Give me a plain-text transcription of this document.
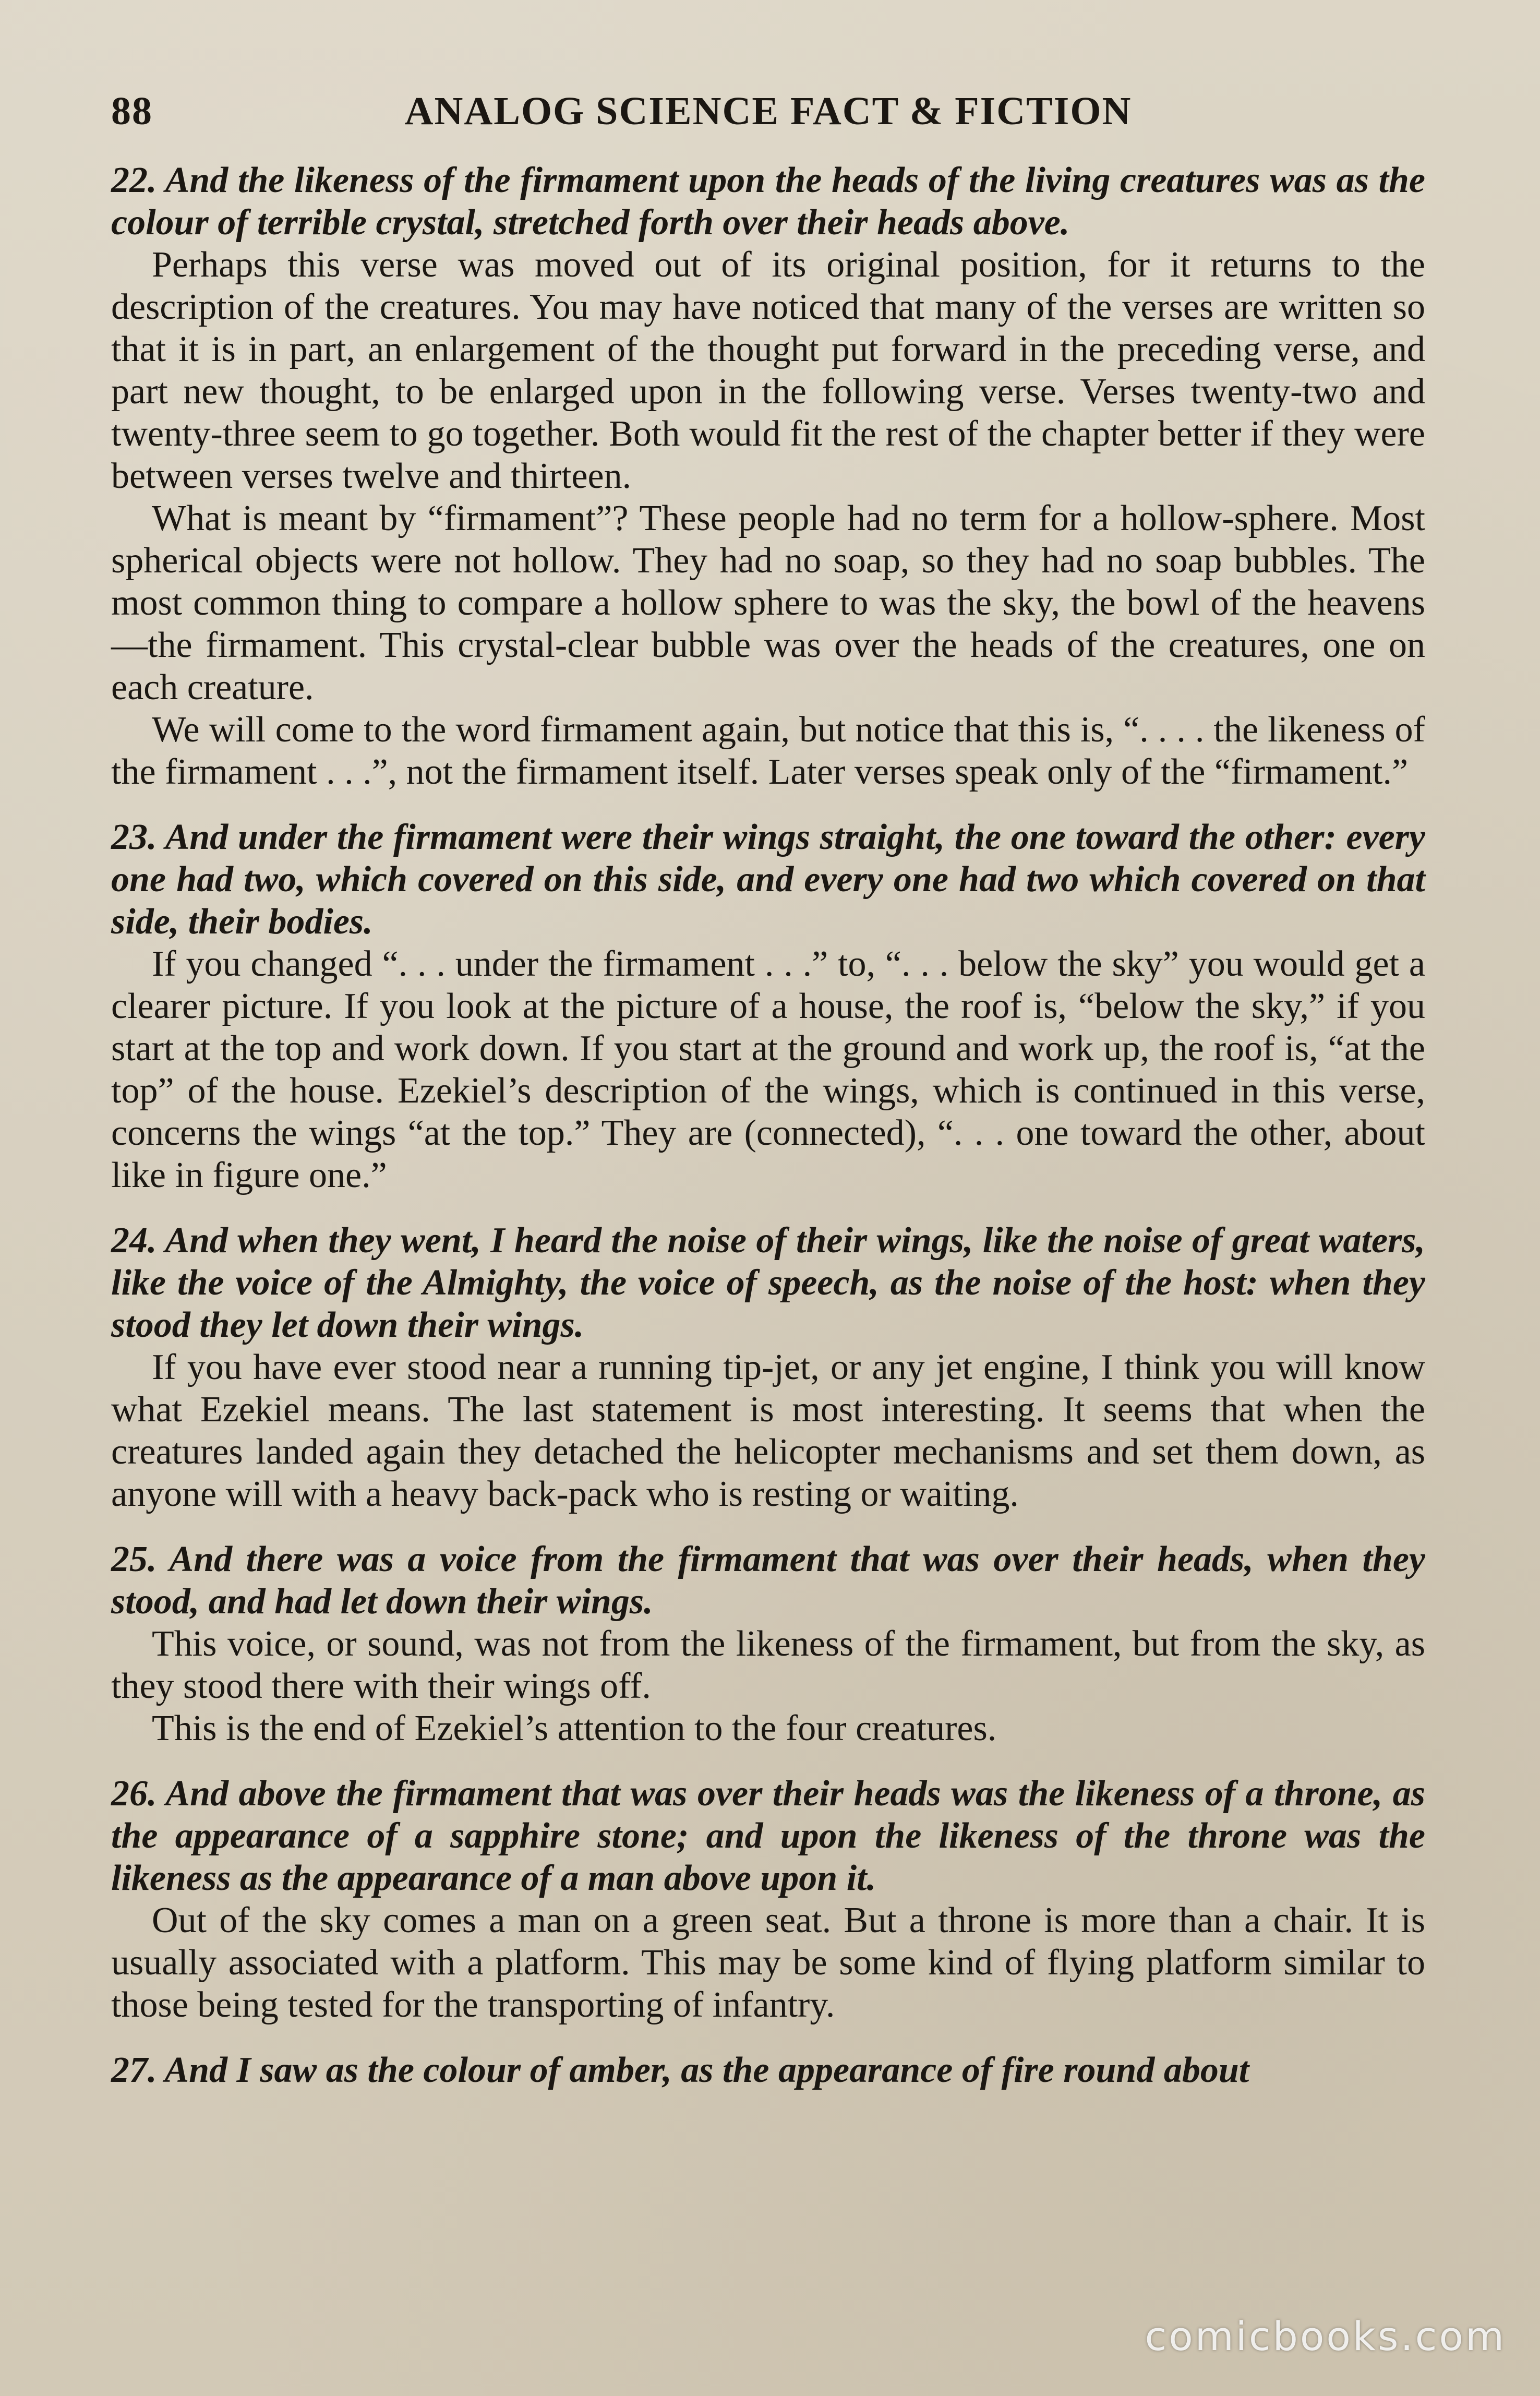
88	ANALOG SCIENCE FACT & FICTION

22. And the likeness of the firmament upon the heads of the living creatures was as the colour of terrible crystal, stretched forth over their heads above.

Perhaps this verse was moved out of its original position, for it returns to the description of the creatures. You may have noticed that many of the verses are written so that it is in part, an enlargement of the thought put forward in the preceding verse, and part new thought, to be enlarged upon in the following verse. Verses twenty-two and twenty-three seem to go together. Both would fit the rest of the chapter better if they were between verses twelve and thirteen.

What is meant by “firmament”? These people had no term for a hollow-sphere. Most spherical objects were not hollow. They had no soap, so they had no soap bubbles. The most common thing to compare a hollow sphere to was the sky, the bowl of the heavens—the firmament. This crystal-clear bubble was over the heads of the creatures, one on each creature.

We will come to the word firmament again, but notice that this is, “. . . . the likeness of the firmament . . .”, not the firmament itself. Later verses speak only of the “firmament.”

23. And under the firmament were their wings straight, the one toward the other: every one had two, which covered on this side, and every one had two which covered on that side, their bodies.

If you changed “. . . under the firmament . . .” to, “. . . below the sky” you would get a clearer picture. If you look at the picture of a house, the roof is, “below the sky,” if you start at the top and work down. If you start at the ground and work up, the roof is, “at the top” of the house. Ezekiel’s description of the wings, which is continued in this verse, concerns the wings “at the top.” They are (connected), “. . . one toward the other, about like in figure one.”

24. And when they went, I heard the noise of their wings, like the noise of great waters, like the voice of the Almighty, the voice of speech, as the noise of the host: when they stood they let down their wings.

If you have ever stood near a running tip-jet, or any jet engine, I think you will know what Ezekiel means. The last statement is most interesting. It seems that when the creatures landed again they detached the helicopter mechanisms and set them down, as anyone will with a heavy back-pack who is resting or waiting.

25. And there was a voice from the firmament that was over their heads, when they stood, and had let down their wings.

This voice, or sound, was not from the likeness of the firmament, but from the sky, as they stood there with their wings off.

This is the end of Ezekiel’s attention to the four creatures.

26. And above the firmament that was over their heads was the likeness of a throne, as the appearance of a sapphire stone; and upon the likeness of the throne was the likeness as the appearance of a man above upon it.

Out of the sky comes a man on a green seat. But a throne is more than a chair. It is usually associated with a platform. This may be some kind of flying platform similar to those being tested for the transporting of infantry.

27. And I saw as the colour of amber, as the appearance of fire round about

comicbooks.com
